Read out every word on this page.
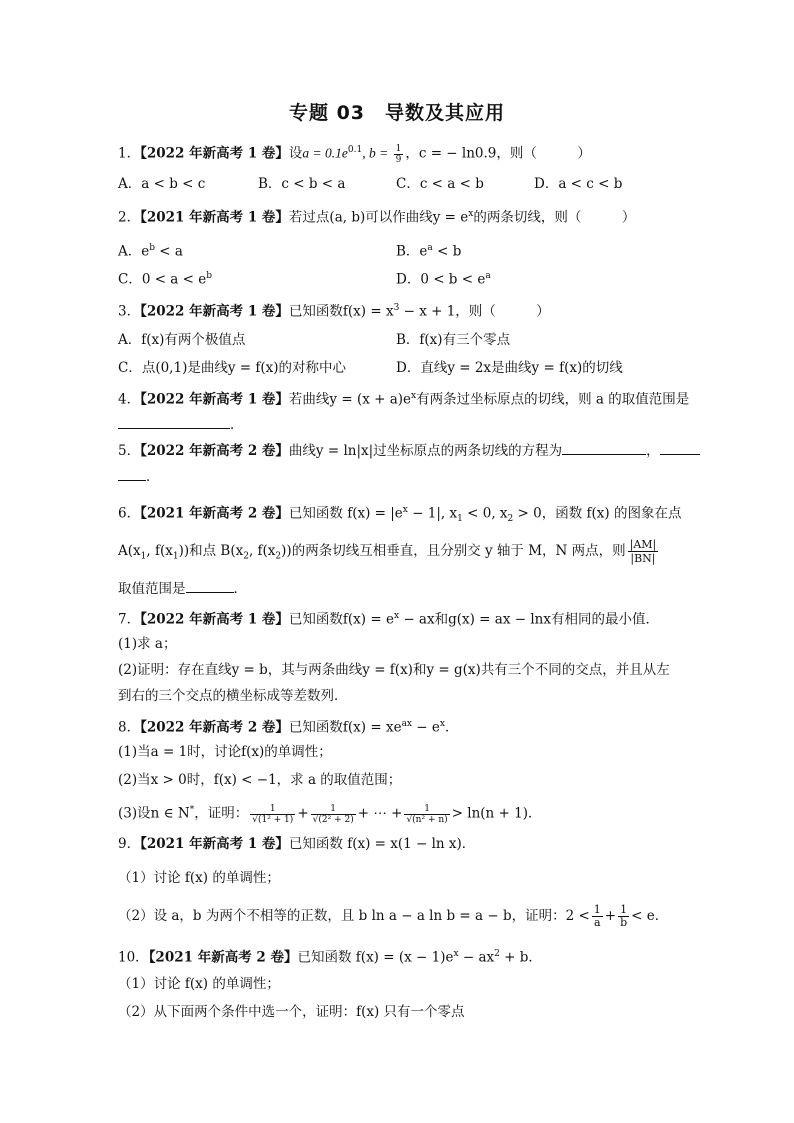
专题 03　导数及其应用
1．【2022 年新高考 1 卷】设$a = 0.1e^{0.1}$, $b = \frac{1}{9}$ ，c = − ln0.9，则（　　　）
A．a < b < c	B．c < b < a	C．c < a < b	D．a < c < b
2．【2021 年新高考 1 卷】若过点(a, b)可以作曲线$y = e^x$的两条切线，则（　　　）
A．$e^b < a$	B．$e^a < b$
C．$0 < a < e^b$	D．$0 < b < e^a$
3．【2022 年新高考 1 卷】已知函数$f(x) = x^3 - x + 1$，则（　　　）
A．f(x)有两个极值点	B．f(x)有三个零点
C．点(0,1)是曲线y = f(x)的对称中心	D．直线y = 2x是曲线y = f(x)的切线
4．【2022 年新高考 1 卷】若曲线$y = (x + a)e^x$有两条过坐标原点的切线，则 a 的取值范围是
．
5．【2022 年新高考 2 卷】曲线y = ln|x|过坐标原点的两条切线的方程为	，
．
6．【2021 年新高考 2 卷】已知函数 $f(x) = |e^x - 1|$, $x_1 < 0$, $x_2 > 0$，函数 f(x) 的图象在点
$A(x_1$, $f(x_1)$)和点 $B(x_2$, $f(x_2)$)的两条切线互相垂直，且分别交 y 轴于 M，N 两点，则 $\frac{|AM|}{|BN|}$
取值范围是	．
7．【2022 年新高考 1 卷】已知函数$f(x) = e^x$ − ax和g(x) = ax − lnx有相同的最小值．
(1)求 a；
(2)证明：存在直线y = b，其与两条曲线y = f(x)和y = g(x)共有三个不同的交点，并且从左
到右的三个交点的横坐标成等差数列．
8．【2022 年新高考 2 卷】已知函数$f(x) = xe^{ax} - e^x$．
(1)当a = 1时，讨论f(x)的单调性；
(2)当x > 0时，f(x) < −1，求 a 的取值范围；
(3)设n ∈ N*，证明： $\frac{1}{\text{√(1² + 1)}} + \frac{1}{\text{√(2² + 2)}}$ + ⋯ + $\frac{1}{\text{√(n² + n)}} > \ln(n + 1)$．
9．【2021 年新高考 1 卷】已知函数 f(x) = x(1 − ln x)．
（1）讨论 f(x) 的单调性；
（2）设 a，b 为两个不相等的正数，且 b ln a − a ln b = a − b，证明：$2 < \frac{1}{a} + \frac{1}{b} < e$．
10．【2021 年新高考 2 卷】已知函数 $f(x) = (x - 1)e^x - ax^2 + b$．
（1）讨论 f(x) 的单调性；
（2）从下面两个条件中选一个，证明：f(x) 只有一个零点
